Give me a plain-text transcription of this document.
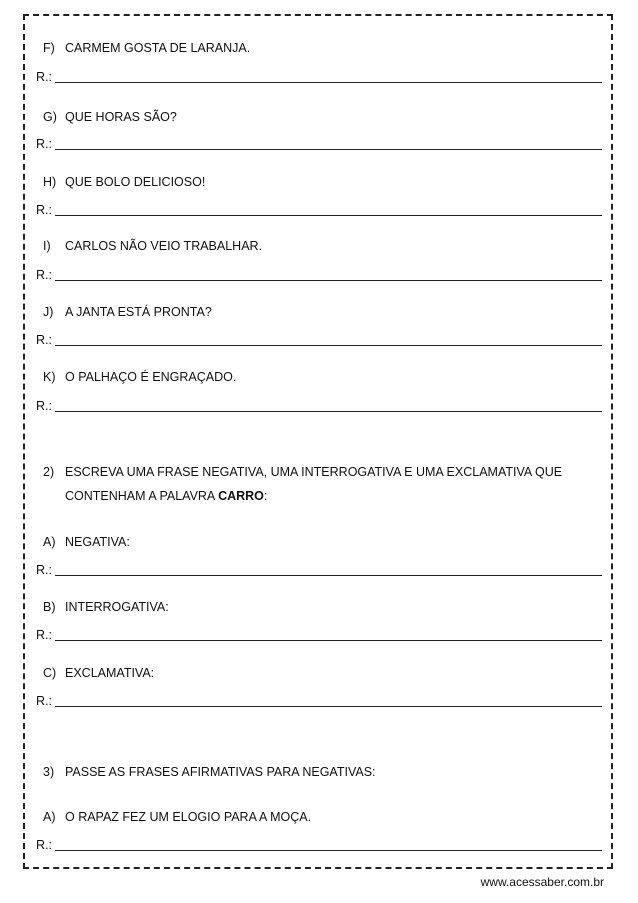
F) CARMEM GOSTA DE LARANJA.
R.:
G) QUE HORAS SÃO?
R.:
H) QUE BOLO DELICIOSO!
R.:
I) CARLOS NÃO VEIO TRABALHAR.
R.:
J) A JANTA ESTÁ PRONTA?
R.:
K) O PALHAÇO É ENGRAÇADO.
R.:
2) ESCREVA UMA FRASE NEGATIVA, UMA INTERROGATIVA E UMA EXCLAMATIVA QUE
CONTENHAM A PALAVRA CARRO:
A) NEGATIVA:
R.:
B) INTERROGATIVA:
R.:
C) EXCLAMATIVA:
R.:
3) PASSE AS FRASES AFIRMATIVAS PARA NEGATIVAS:
A) O RAPAZ FEZ UM ELOGIO PARA A MOÇA.
R.:
www.acessaber.com.br
